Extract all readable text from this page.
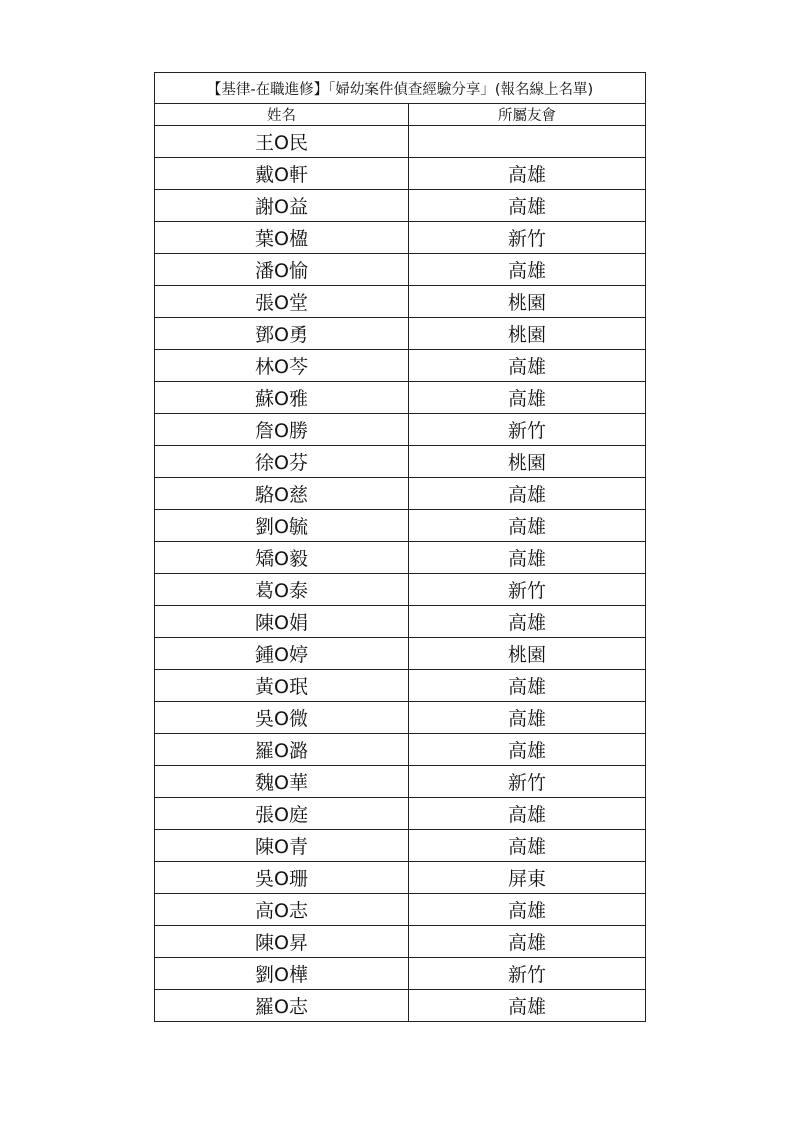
【基律-在職進修】「婦幼案件偵查經驗分享」(報名線上名單)	
姓名	所屬友會
王O民	
戴O軒	高雄
謝O益	高雄
葉O楹	新竹
潘O愉	高雄
張O堂	桃園
鄧O勇	桃園
林O芩	高雄
蘇O雅	高雄
詹O勝	新竹
徐O芬	桃園
駱O慈	高雄
劉O毓	高雄
矯O毅	高雄
葛O泰	新竹
陳O娟	高雄
鍾O婷	桃園
黃O珉	高雄
吳O微	高雄
羅O潞	高雄
魏O華	新竹
張O庭	高雄
陳O青	高雄
吳O珊	屏東
高O志	高雄
陳O昇	高雄
劉O樺	新竹
羅O志	高雄
